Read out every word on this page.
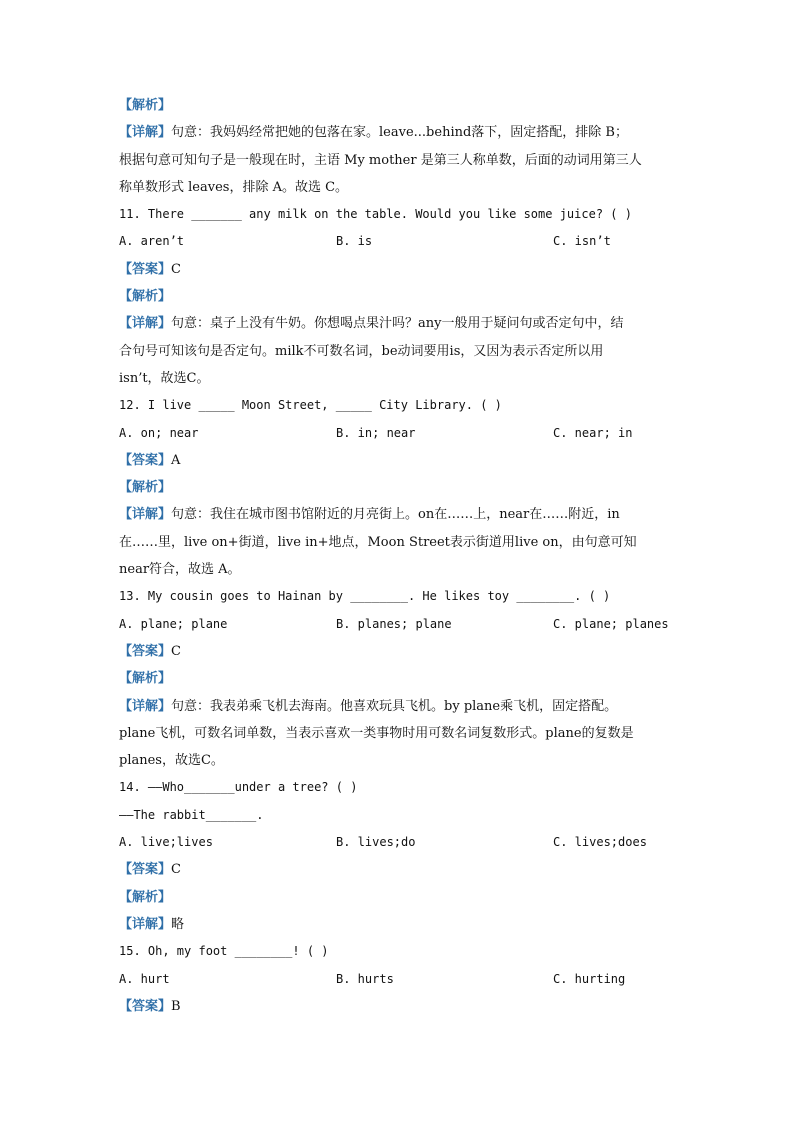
【解析】
【详解】句意：我妈妈经常把她的包落在家。leave...behind落下，固定搭配，排除 B；
根据句意可知句子是一般现在时，主语 My mother 是第三人称单数，后面的动词用第三人
称单数形式 leaves，排除 A。故选 C。
11. There _______ any milk on the table. Would you like some juice? ( )
A. aren’t	B. is	C. isn’t
【答案】C
【解析】
【详解】句意：桌子上没有牛奶。你想喝点果汁吗？any一般用于疑问句或否定句中，结
合句号可知该句是否定句。milk不可数名词，be动词要用is，又因为表示否定所以用
isn’t，故选C。
12. I live _____ Moon Street, _____ City Library. ( )
A. on; near	B. in; near	C. near; in
【答案】A
【解析】
【详解】句意：我住在城市图书馆附近的月亮街上。on在……上，near在……附近，in
在……里，live on+街道，live in+地点，Moon Street表示街道用live on，由句意可知
near符合，故选 A。
13. My cousin goes to Hainan by ________. He likes toy ________. ( )
A. plane; plane	B. planes; plane	C. plane; planes
【答案】C
【解析】
【详解】句意：我表弟乘飞机去海南。他喜欢玩具飞机。by plane乘飞机，固定搭配。
plane飞机，可数名词单数，当表示喜欢一类事物时用可数名词复数形式。plane的复数是
planes，故选C。
14. ——Who_______under a tree? ( )
——The rabbit_______.
A. live;lives	B. lives;do	C. lives;does
【答案】C
【解析】
【详解】略
15. Oh, my foot ________! ( )
A. hurt	B. hurts	C. hurting
【答案】B
